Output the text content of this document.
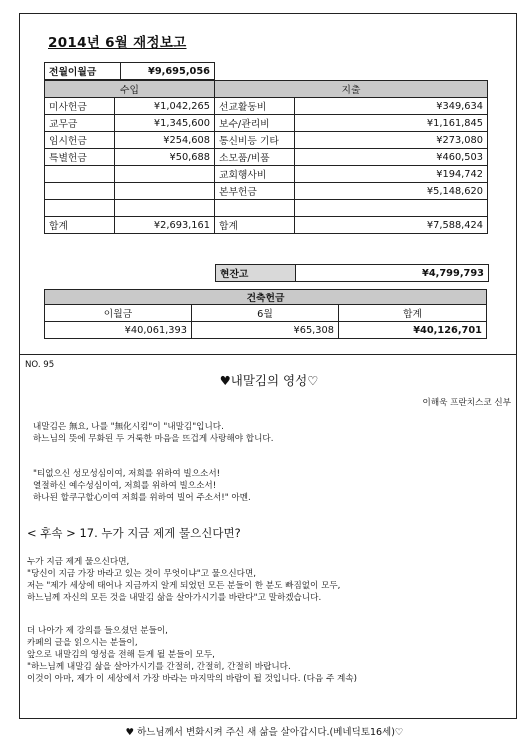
2014년 6월 재정보고
전월이월금	¥9,695,056
수입		지출	
미사헌금	¥1,042,265	선교활동비	¥349,634
교무금	¥1,345,600	보수/관리비	¥1,161,845
임시헌금	¥254,608	통신비등 기타	¥273,080
특별헌금	¥50,688	소모품/비품	¥460,503
		교회행사비	¥194,742
		본부헌금	¥5,148,620

합계	¥2,693,161	합계	¥7,588,424
현잔고	¥4,799,793
건축헌금		
이월금	6월	합계
¥40,061,393	¥65,308	¥40,126,701
NO. 95
♥내말김의 영성♡
이해욱 프란치스코 신부

내말김은 無요, 나를 "無化시킴"이 "내말김"입니다.

하느님의 뜻에 무화된 두 거룩한 마음을 뜨겁게 사랑해야 합니다.

"티없으신 성모성심이여, 저희를 위하여 빌으소서!

열절하신 예수성심이여, 저희를 위하여 빌으소서!

하나된 할쿠구할心이여 저희를 위하여 빌어 주소서!" 아멘.

< 후속 > 17. 누가 지금 제게 물으신다면?

누가 지금 제게 물으신다면,

"당신이 지금 가장 바라고 있는 것이 무엇이냐"고 물으신다면,

저는 "제가 세상에 태어나 지금까지 알게 되었던 모든 분들이 한 분도 빠짐없이 모두,

하느님께 자신의 모든 것을 내말김 삶을 살아가시기를 바란다"고 말하겠습니다.

더 나아가 제 강의를 들으셨던 분들이,

카페의 글을 읽으시는 분들이,

앞으로 내말김의 영성을 전해 듣게 될 분들이 모두,

"하느님께 내말김 삶을 살아가시기를 간절히, 간절히, 간절히 바랍니다.

이것이 아마, 제가 이 세상에서 가장 바라는 마지막의 바람이 될 것입니다. (다음 주 계속)

♥ 하느님께서 변화시켜 주신 새 삶을 살아갑시다.(베네딕토16세)♡
